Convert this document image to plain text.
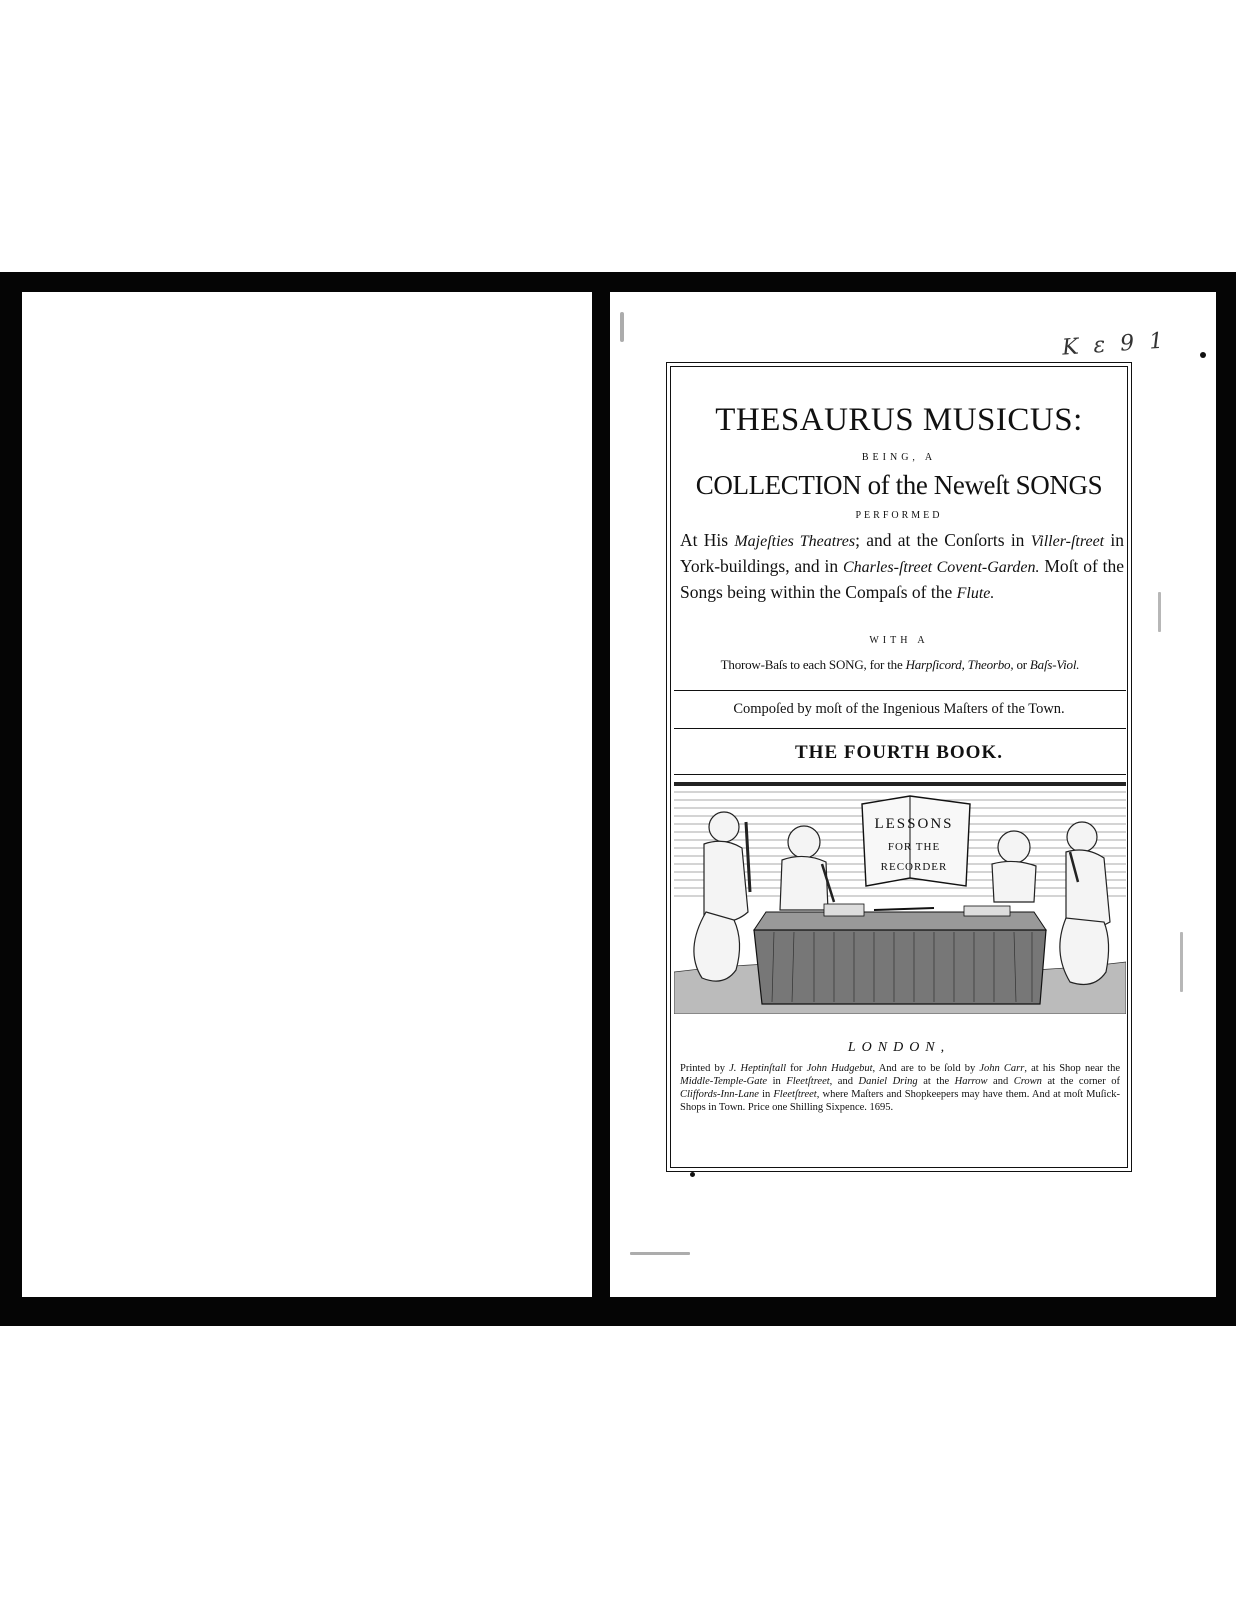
K ε 9 1

THESAURUS MUSICUS:

BEING, A

COLLECTION of the Neweſt SONGS

PERFORMED

At His Majeſties Theatres; and at the Conſorts in Viller-ſtreet in York-buildings, and in Charles-ſtreet Covent-Garden. Moſt of the Songs being within the Compaſs of the Flute.

WITH A

Thorow-Baſs to each SONG, for the Harpſicord, Theorbo, or Baſs-Viol.

Compoſed by moſt of the Ingenious Maſters of the Town.

THE FOURTH BOOK.

LESSONS
FOR THE
RECORDER

LONDON,

Printed by J. Heptinſtall for John Hudgebut, And are to be ſold by John Carr, at his Shop near the Middle-Temple-Gate in Fleetſtreet, and Daniel Dring at the Harrow and Crown at the corner of Cliffords-Inn-Lane in Fleetſtreet, where Maſters and Shopkeepers may have them. And at moſt Muſick-Shops in Town. Price one Shilling Sixpence. 1695.
